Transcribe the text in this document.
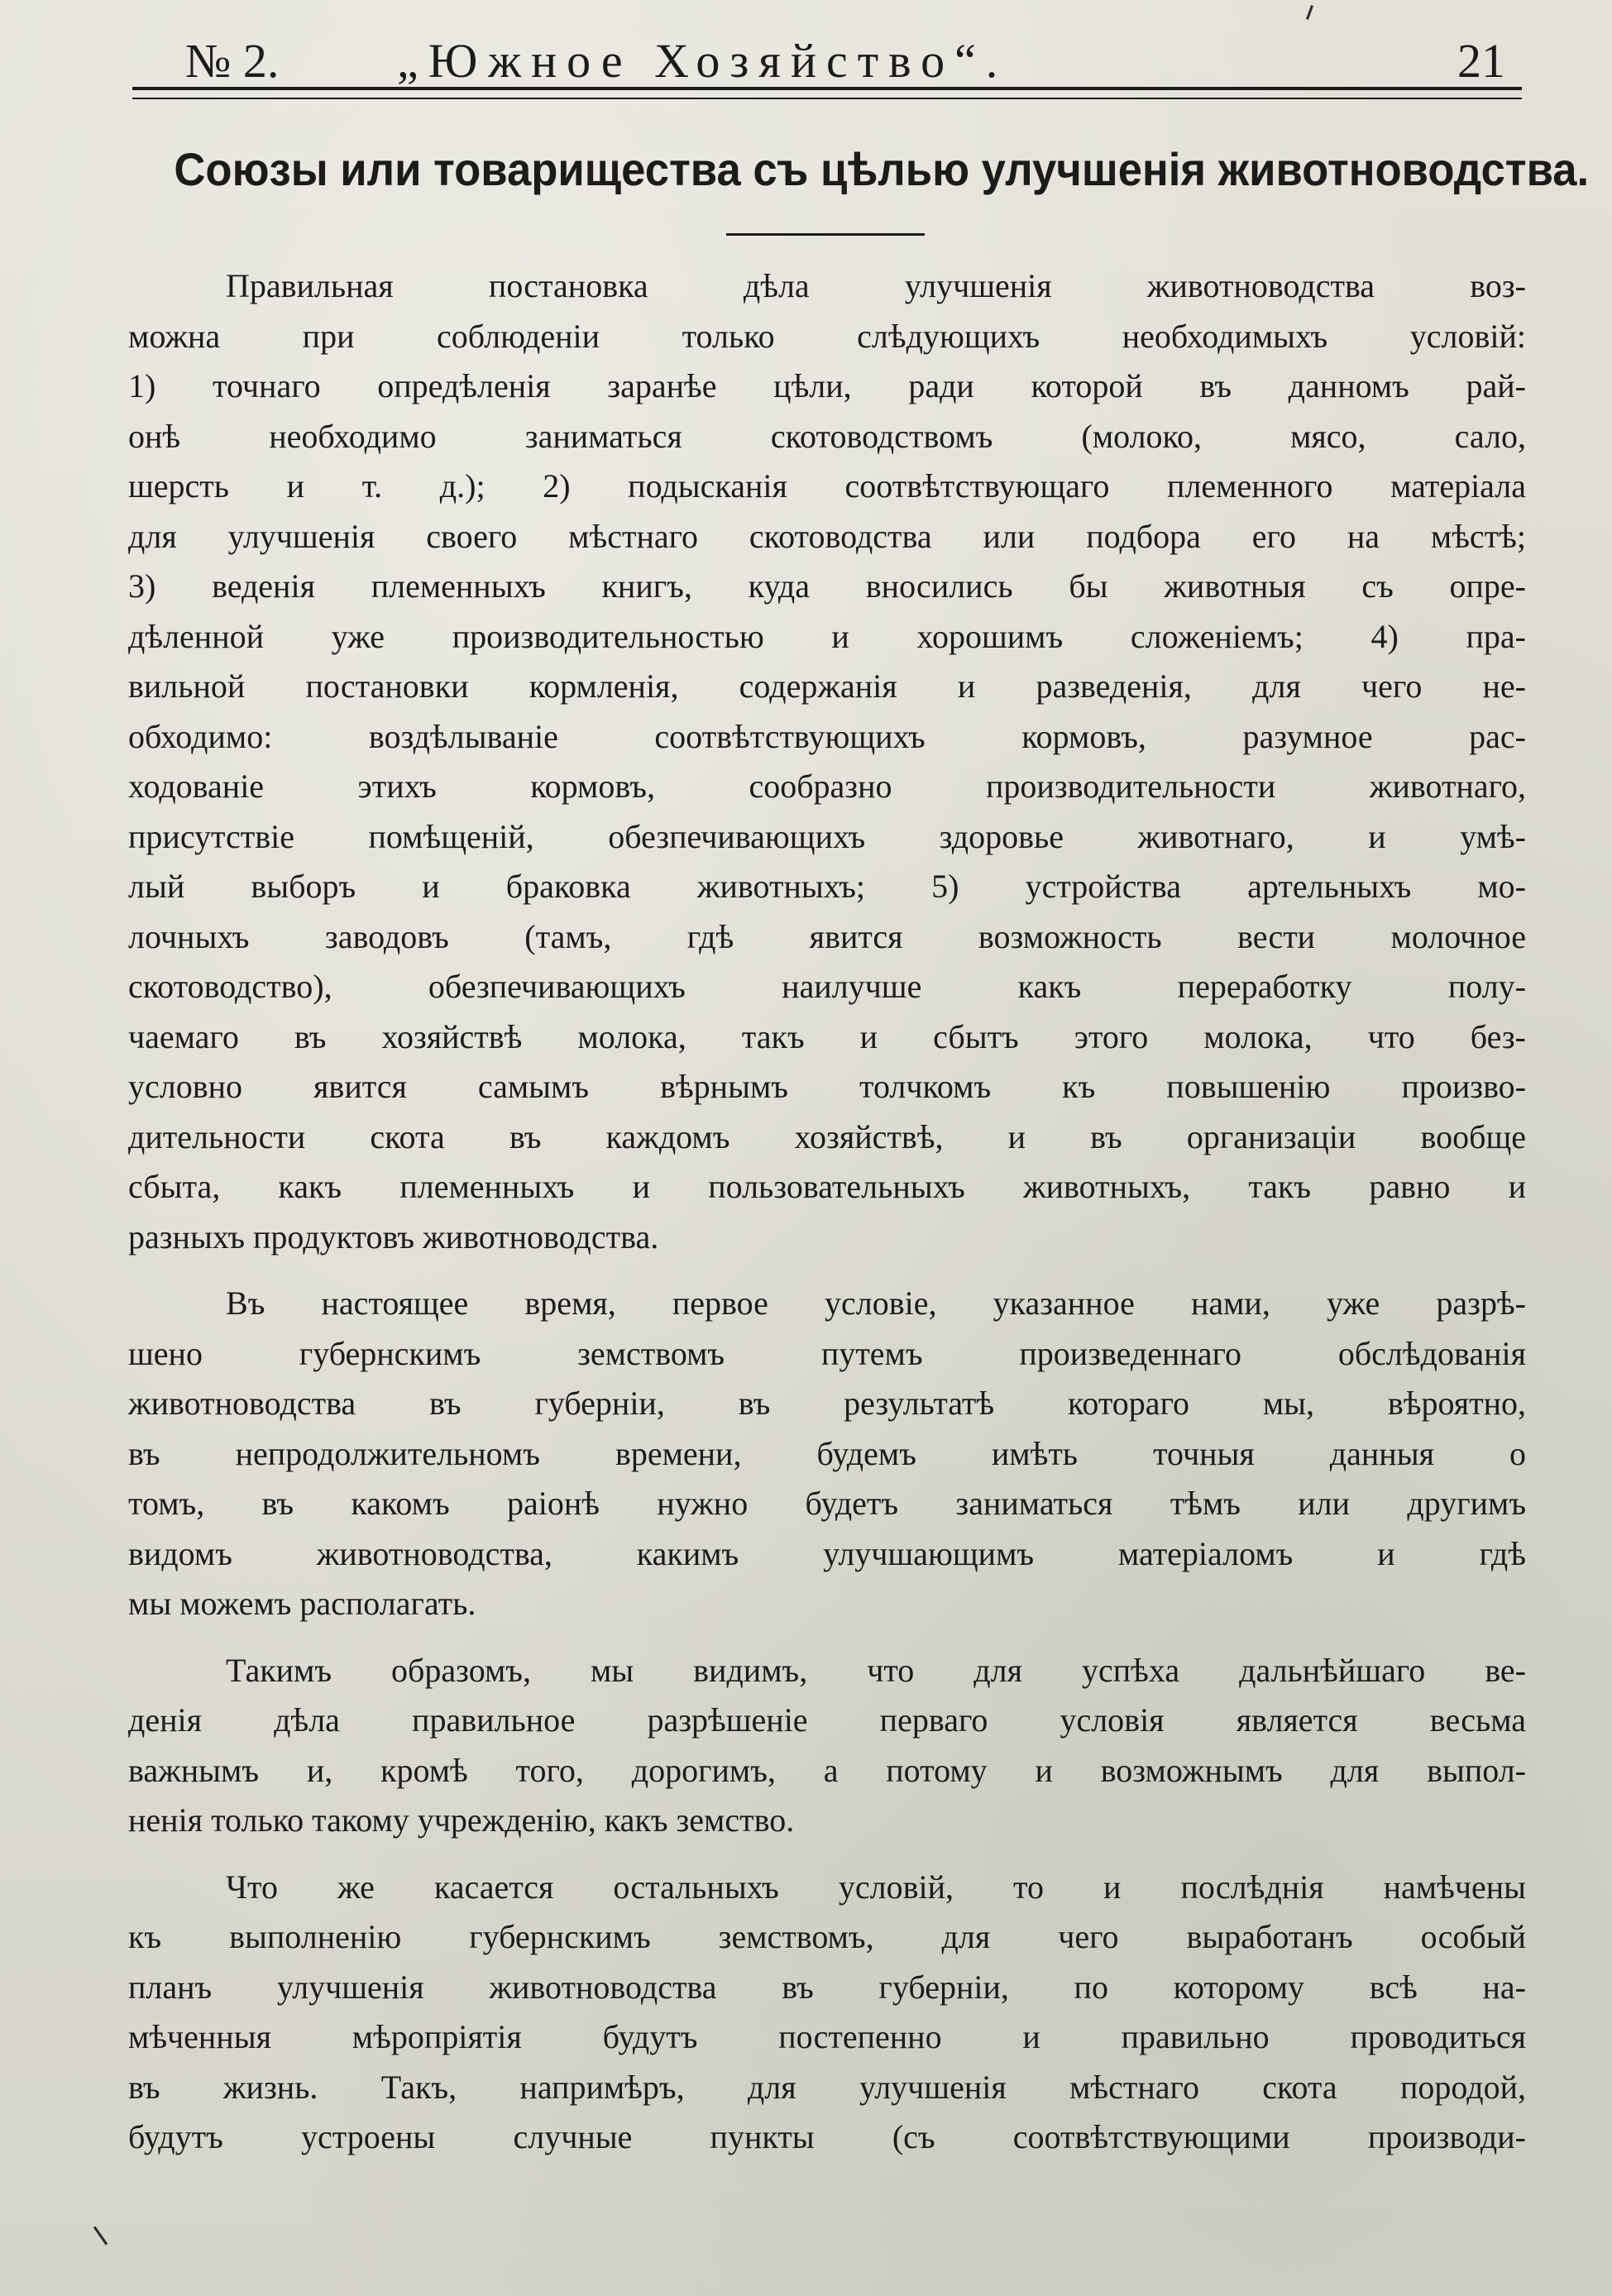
№ 2. „Южное Хозяйство“.	21
Союзы или товарищества съ цѣлью улучшенія животноводства.
Правильная постановка дѣла улучшенія животноводства воз-
можна при соблюденіи только слѣдующихъ необходимыхъ условій:
1) точнаго опредѣленія заранѣе цѣли, ради которой въ данномъ рай-
онѣ необходимо заниматься скотоводствомъ (молоко, мясо, сало,
шерсть и т. д.); 2) подысканія соотвѣтствующаго племенного матеріала
для улучшенія своего мѣстнаго скотоводства или подбора его на мѣстѣ;
3) веденія племенныхъ книгъ, куда вносились бы животныя съ опре-
дѣленной уже производительностью и хорошимъ сложеніемъ; 4) пра-
вильной постановки кормленія, содержанія и разведенія, для чего не-
обходимо: воздѣлываніе соотвѣтствующихъ кормовъ, разумное рас-
ходованіе этихъ кормовъ, сообразно производительности животнаго,
присутствіе помѣщеній, обезпечивающихъ здоровье животнаго, и умѣ-
лый выборъ и браковка животныхъ; 5) устройства артельныхъ мо-
лочныхъ заводовъ (тамъ, гдѣ явится возможность вести молочное
скотоводство), обезпечивающихъ наилучше какъ переработку полу-
чаемаго въ хозяйствѣ молока, такъ и сбытъ этого молока, что без-
условно явится самымъ вѣрнымъ толчкомъ къ повышенію произво-
дительности скота въ каждомъ хозяйствѣ, и въ организаціи вообще
сбыта, какъ племенныхъ и пользовательныхъ животныхъ, такъ равно и
разныхъ продуктовъ животноводства.
Въ настоящее время, первое условіе, указанное нами, уже разрѣ-
шено губернскимъ земствомъ путемъ произведеннаго обслѣдованія
животноводства въ губерніи, въ результатѣ котораго мы, вѣроятно,
въ непродолжительномъ времени, будемъ имѣть точныя данныя о
томъ, въ какомъ раіонѣ нужно будетъ заниматься тѣмъ или другимъ
видомъ животноводства, какимъ улучшающимъ матеріаломъ и гдѣ
мы можемъ располагать.
Такимъ образомъ, мы видимъ, что для успѣха дальнѣйшаго ве-
денія дѣла правильное разрѣшеніе перваго условія является весьма
важнымъ и, кромѣ того, дорогимъ, а потому и возможнымъ для выпол-
ненія только такому учрежденію, какъ земство.
Что же касается остальныхъ условій, то и послѣднія намѣчены
къ выполненію губернскимъ земствомъ, для чего выработанъ особый
планъ улучшенія животноводства въ губерніи, по которому всѣ на-
мѣченныя мѣропріятія будутъ постепенно и правильно проводиться
въ жизнь. Такъ, напримѣръ, для улучшенія мѣстнаго скота породой,
будутъ устроены случные пункты (съ соотвѣтствующими производи-
